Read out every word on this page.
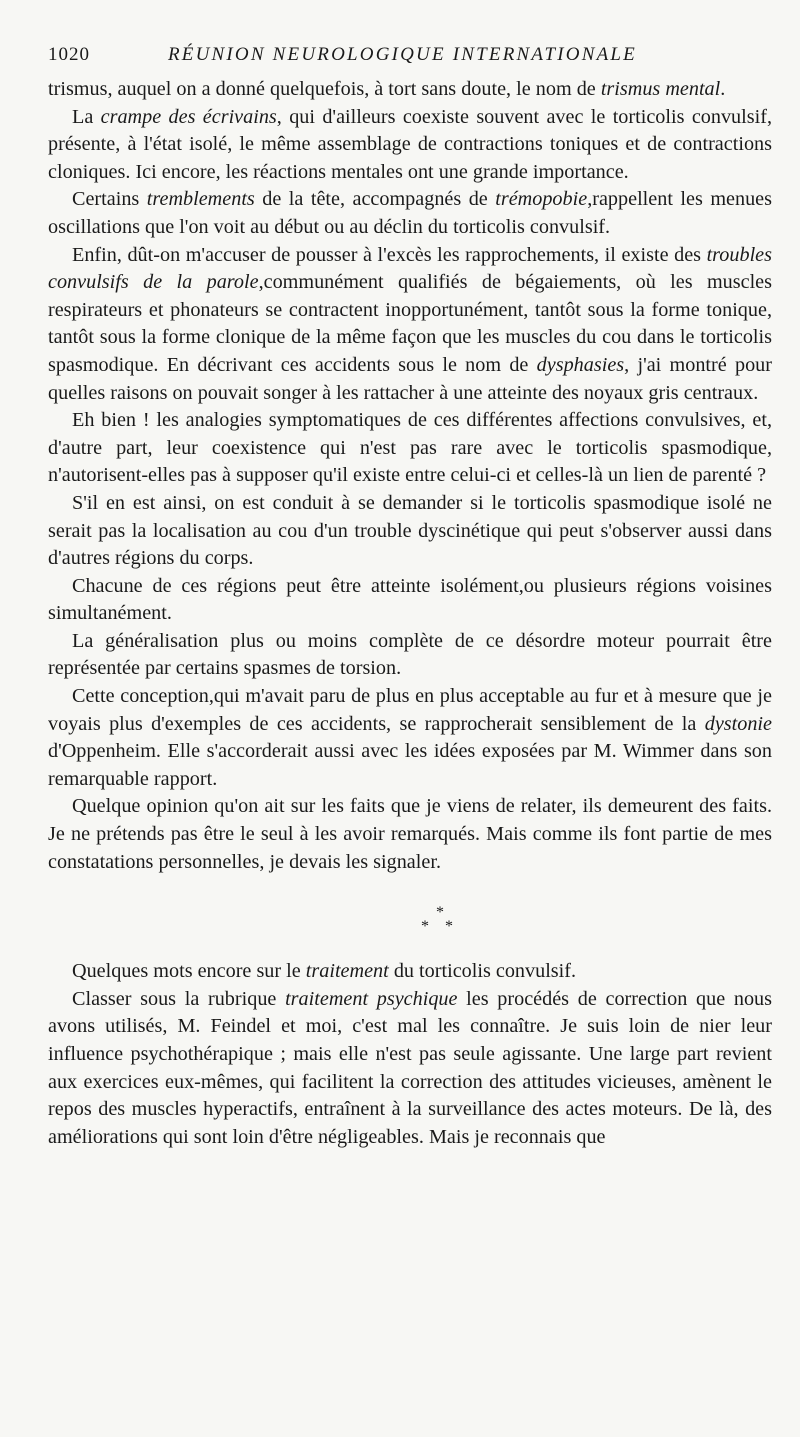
1020	RÉUNION NEUROLOGIQUE INTERNATIONALE

trismus, auquel on a donné quelquefois, à tort sans doute, le nom de trismus mental.

La crampe des écrivains, qui d'ailleurs coexiste souvent avec le torticolis convulsif, présente, à l'état isolé, le même assemblage de contractions toniques et de contractions cloniques. Ici encore, les réactions mentales ont une grande importance.

Certains tremblements de la tête, accompagnés de trémopobie,rappellent les menues oscillations que l'on voit au début ou au déclin du torticolis convulsif.

Enfin, dût-on m'accuser de pousser à l'excès les rapprochements, il existe des troubles convulsifs de la parole,communément qualifiés de bégaiements, où les muscles respirateurs et phonateurs se contractent inopportunément, tantôt sous la forme tonique, tantôt sous la forme clonique de la même façon que les muscles du cou dans le torticolis spasmodique. En décrivant ces accidents sous le nom de dysphasies, j'ai montré pour quelles raisons on pouvait songer à les rattacher à une atteinte des noyaux gris centraux.

Eh bien ! les analogies symptomatiques de ces différentes affections convulsives, et, d'autre part, leur coexistence qui n'est pas rare avec le torticolis spasmodique, n'autorisent-elles pas à supposer qu'il existe entre celui-ci et celles-là un lien de parenté ?

S'il en est ainsi, on est conduit à se demander si le torticolis spasmodique isolé ne serait pas la localisation au cou d'un trouble dyscinétique qui peut s'observer aussi dans d'autres régions du corps.

Chacune de ces régions peut être atteinte isolément,ou plusieurs régions voisines simultanément.

La généralisation plus ou moins complète de ce désordre moteur pourrait être représentée par certains spasmes de torsion.

Cette conception,qui m'avait paru de plus en plus acceptable au fur et à mesure que je voyais plus d'exemples de ces accidents, se rapprocherait sensiblement de la dystonie d'Oppenheim. Elle s'accorderait aussi avec les idées exposées par M. Wimmer dans son remarquable rapport.

Quelque opinion qu'on ait sur les faits que je viens de relater, ils demeurent des faits. Je ne prétends pas être le seul à les avoir remarqués. Mais comme ils font partie de mes constatations personnelles, je devais les signaler.

*
* *

Quelques mots encore sur le traitement du torticolis convulsif.

Classer sous la rubrique traitement psychique les procédés de correction que nous avons utilisés, M. Feindel et moi, c'est mal les connaître. Je suis loin de nier leur influence psychothérapique ; mais elle n'est pas seule agissante. Une large part revient aux exercices eux-mêmes, qui facilitent la correction des attitudes vicieuses, amènent le repos des muscles hyperactifs, entraînent à la surveillance des actes moteurs. De là, des améliorations qui sont loin d'être négligeables. Mais je reconnais que
